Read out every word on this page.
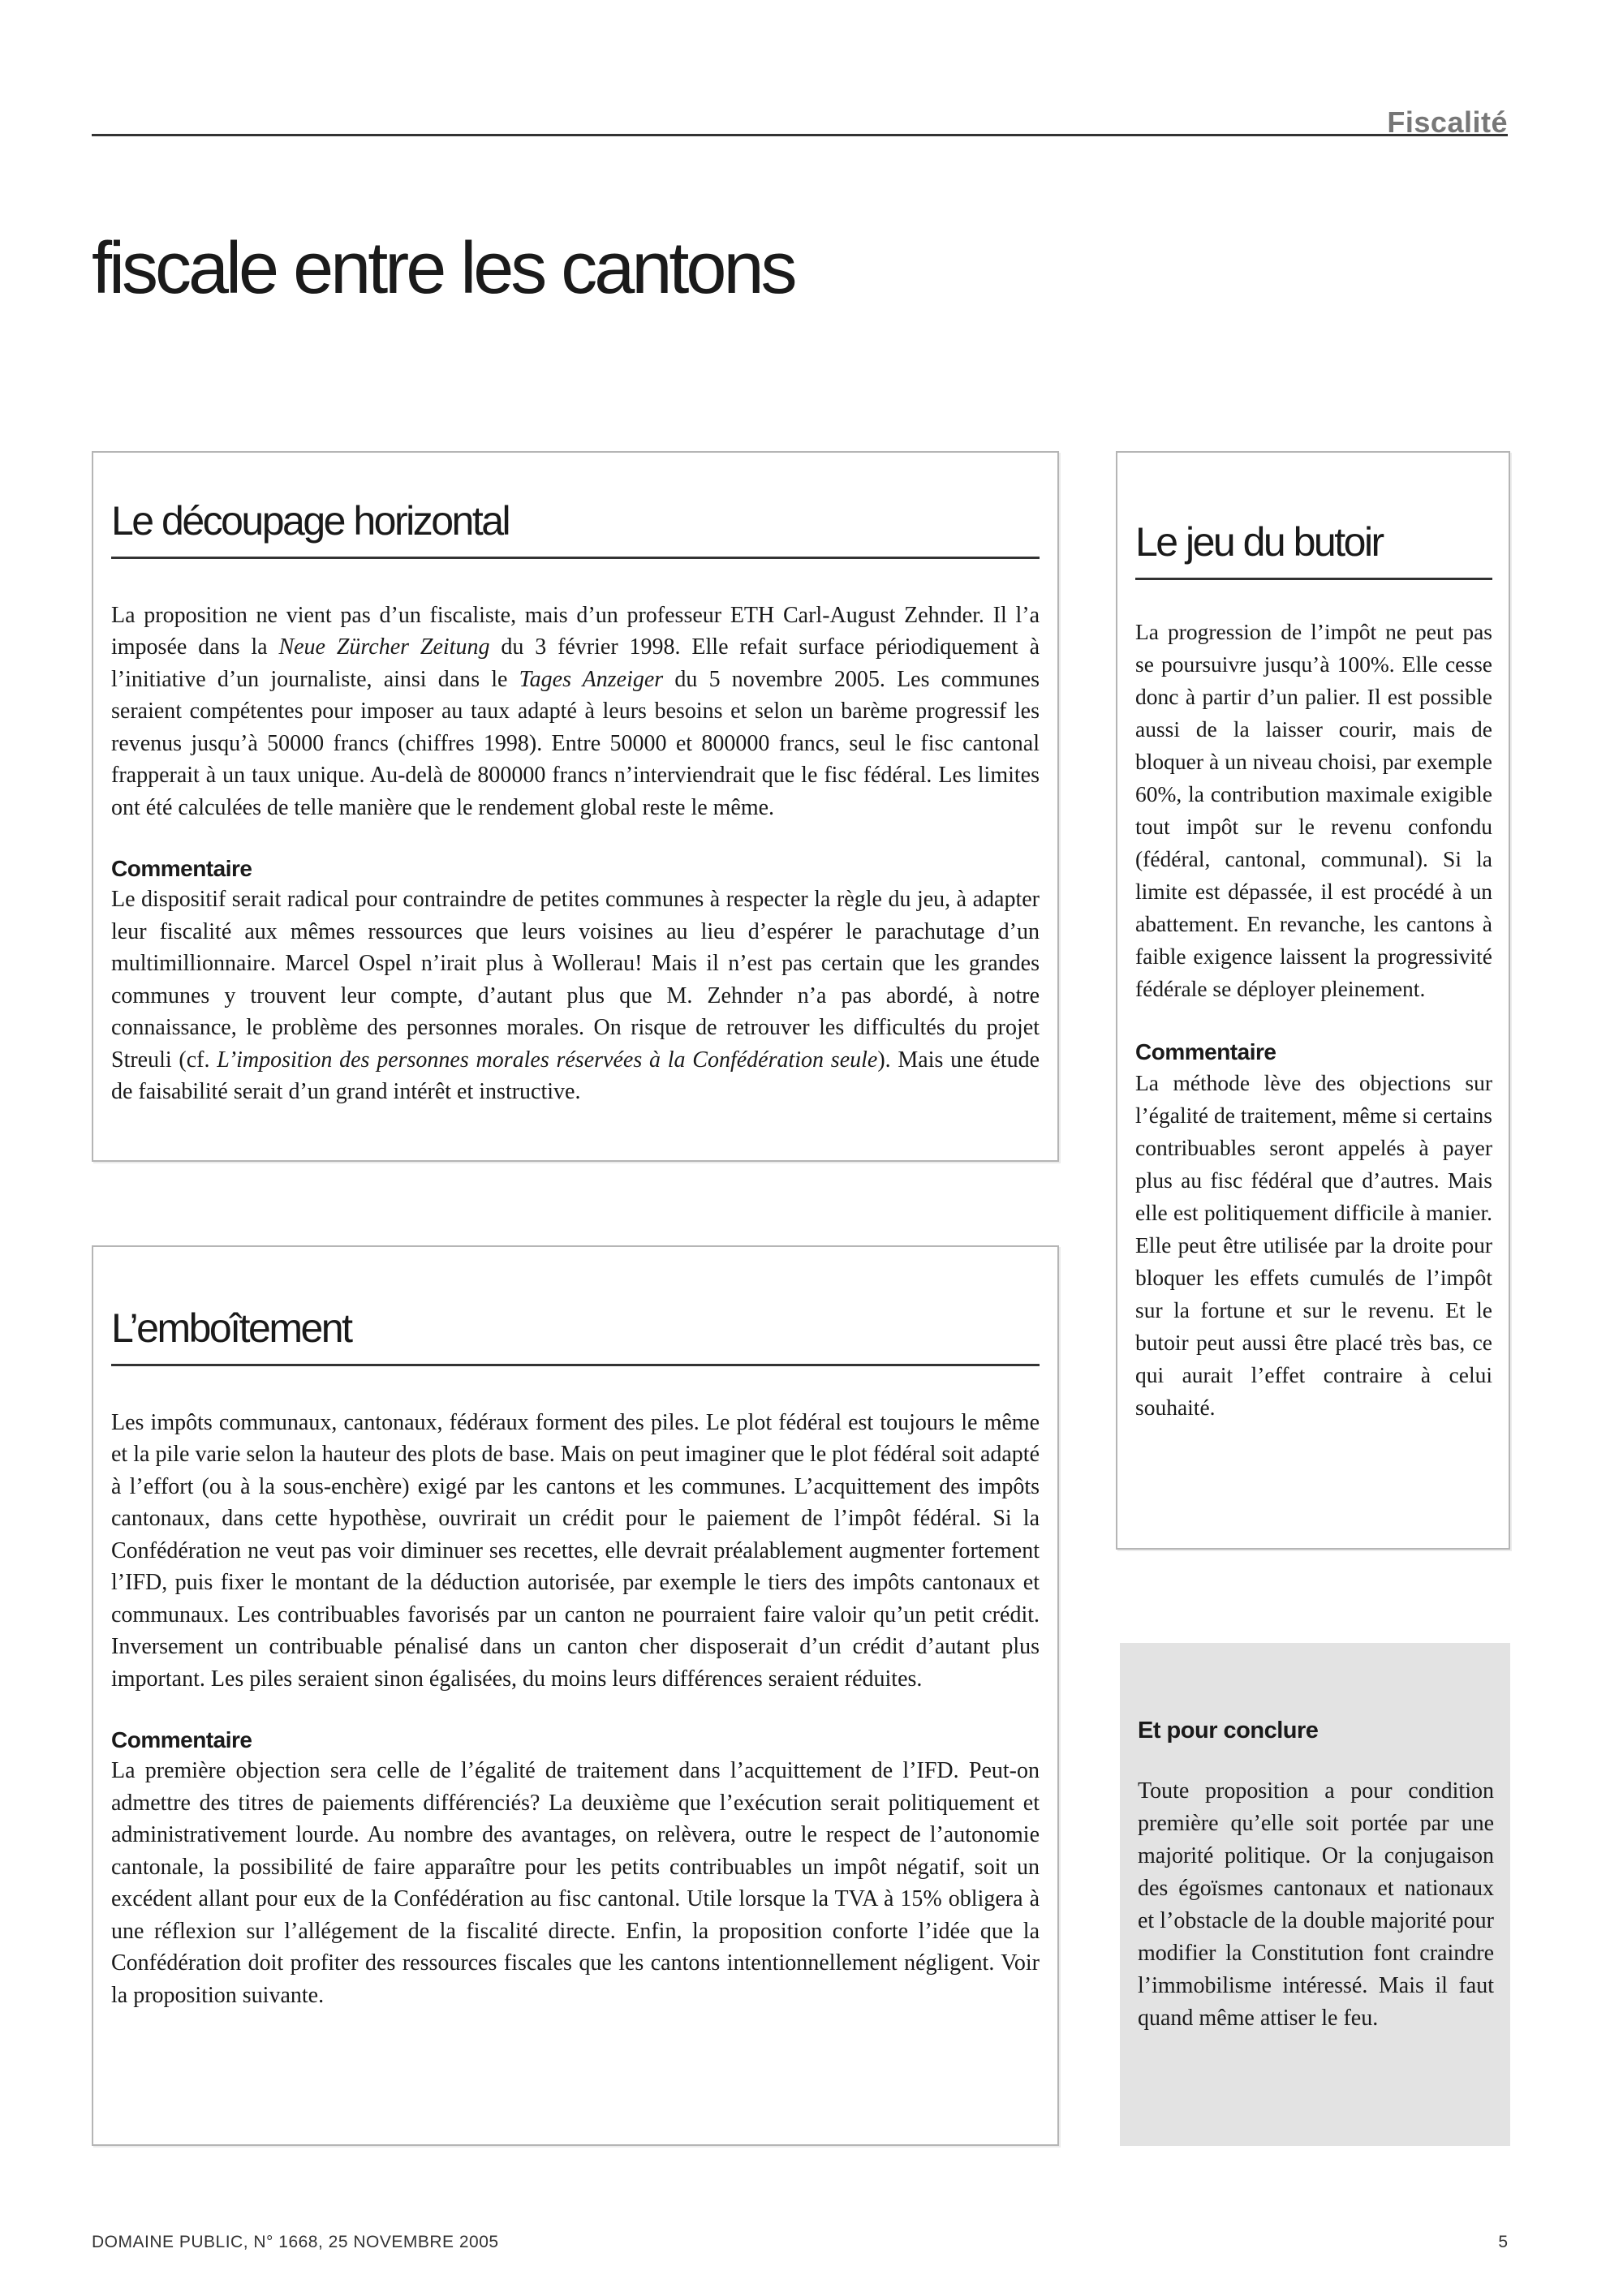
Fiscalité
fiscale entre les cantons
Le découpage horizontal

La proposition ne vient pas d’un fiscaliste, mais d’un professeur ETH Carl-August Zehnder. Il l’a imposée dans la Neue Zürcher Zeitung du 3 février 1998. Elle refait surface périodiquement à l’initiative d’un journaliste, ainsi dans le Tages Anzeiger du 5 novembre 2005. Les communes seraient compétentes pour imposer au taux adapté à leurs besoins et selon un barème progressif les revenus jusqu’à 50000 francs (chiffres 1998). Entre 50000 et 800000 francs, seul le fisc cantonal frapperait à un taux unique. Au-delà de 800000 francs n’interviendrait que le fisc fédéral. Les limites ont été calculées de telle manière que le rendement global reste le même.

Commentaire

Le dispositif serait radical pour contraindre de petites communes à respecter la règle du jeu, à adapter leur fiscalité aux mêmes ressources que leurs voisines au lieu d’espérer le parachutage d’un multimillionnaire. Marcel Ospel n’irait plus à Wollerau! Mais il n’est pas certain que les grandes communes y trouvent leur compte, d’autant plus que M. Zehnder n’a pas abordé, à notre connaissance, le problème des personnes morales. On risque de retrouver les difficultés du projet Streuli (cf. L’imposition des personnes morales réservées à la Confédération seule). Mais une étude de faisabilité serait d’un grand intérêt et instructive.

L’emboîtement

Les impôts communaux, cantonaux, fédéraux forment des piles. Le plot fédéral est toujours le même et la pile varie selon la hauteur des plots de base. Mais on peut imaginer que le plot fédéral soit adapté à l’effort (ou à la sous-enchère) exigé par les cantons et les communes. L’acquittement des impôts cantonaux, dans cette hypothèse, ouvrirait un crédit pour le paiement de l’impôt fédéral. Si la Confédération ne veut pas voir diminuer ses recettes, elle devrait préalablement augmenter fortement l’IFD, puis fixer le montant de la déduction autorisée, par exemple le tiers des impôts cantonaux et communaux. Les contribuables favorisés par un canton ne pourraient faire valoir qu’un petit crédit. Inversement un contribuable pénalisé dans un canton cher disposerait d’un crédit d’autant plus important. Les piles seraient sinon égalisées, du moins leurs différences seraient réduites.

Commentaire

La première objection sera celle de l’égalité de traitement dans l’acquittement de l’IFD. Peut-on admettre des titres de paiements différenciés? La deuxième que l’exécution serait politiquement et administrativement lourde. Au nombre des avantages, on relèvera, outre le respect de l’autonomie cantonale, la possibilité de faire apparaître pour les petits contribuables un impôt négatif, soit un excédent allant pour eux de la Confédération au fisc cantonal. Utile lorsque la TVA à 15% obligera à une réflexion sur l’allégement de la fiscalité directe. Enfin, la proposition conforte l’idée que la Confédération doit profiter des ressources fiscales que les cantons intentionnellement négligent. Voir la proposition suivante.

Le jeu du butoir

La progression de l’impôt ne peut pas se poursuivre jusqu’à 100%. Elle cesse donc à partir d’un palier. Il est possible aussi de la laisser courir, mais de bloquer à un niveau choisi, par exemple 60%, la contribution maximale exigible tout impôt sur le revenu confondu (fédéral, cantonal, communal). Si la limite est dépassée, il est procédé à un abattement. En revanche, les cantons à faible exigence laissent la progressivité fédérale se déployer pleinement.

Commentaire

La méthode lève des objections sur l’égalité de traitement, même si certains contribuables seront appelés à payer plus au fisc fédéral que d’autres. Mais elle est politiquement difficile à manier. Elle peut être utilisée par la droite pour bloquer les effets cumulés de l’impôt sur la fortune et sur le revenu. Et le butoir peut aussi être placé très bas, ce qui aurait l’effet contraire à celui souhaité.

Et pour conclure

Toute proposition a pour condition première qu’elle soit portée par une majorité politique. Or la conjugaison des égoïsmes cantonaux et nationaux et l’obstacle de la double majorité pour modifier la Constitution font craindre l’immobilisme intéressé. Mais il faut quand même attiser le feu.

DOMAINE PUBLIC, N° 1668, 25 NOVEMBRE 2005	5
